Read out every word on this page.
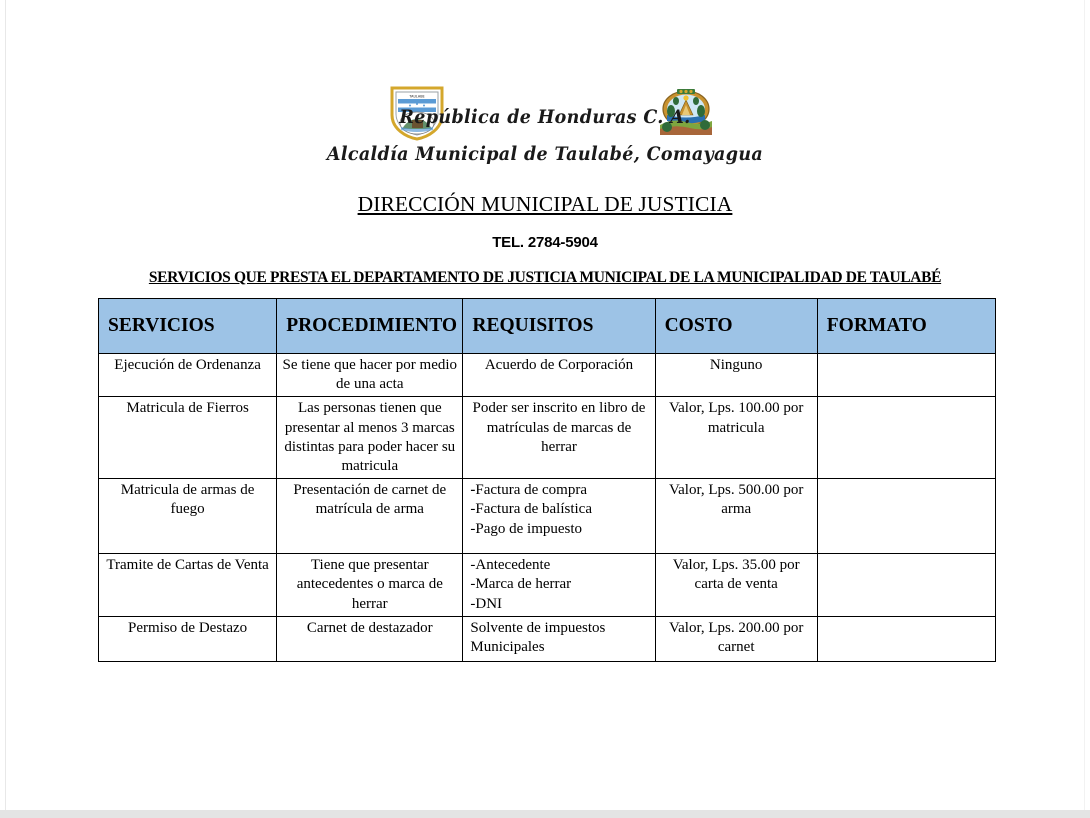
TAULABE
República de Honduras C. A.
Alcaldía Municipal de Taulabé, Comayagua
DIRECCIÓN MUNICIPAL DE JUSTICIA
TEL. 2784-5904
SERVICIOS QUE PRESTA EL DEPARTAMENTO DE JUSTICIA MUNICIPAL DE LA MUNICIPALIDAD DE TAULABÉ
SERVICIOS	PROCEDIMIENTO	REQUISITOS	COSTO	FORMATO
Ejecución de Ordenanza	Se tiene que hacer por medio de una acta	Acuerdo de Corporación	Ninguno	
Matricula de Fierros	Las personas tienen que presentar al menos 3 marcas distintas para poder hacer su matricula	Poder ser inscrito en libro de matrículas de marcas de herrar	Valor, Lps. 100.00 por matricula	
Matricula de armas de fuego	Presentación de carnet de matrícula de arma	-Factura de compra
-Factura de balística
-Pago de impuesto	Valor, Lps. 500.00 por arma	
Tramite de Cartas de Venta	Tiene que presentar antecedentes o marca de herrar	-Antecedente
-Marca de herrar
-DNI	Valor, Lps. 35.00 por carta de venta	
Permiso de Destazo	Carnet de destazador	Solvente de impuestos Municipales	Valor, Lps. 200.00 por carnet	
